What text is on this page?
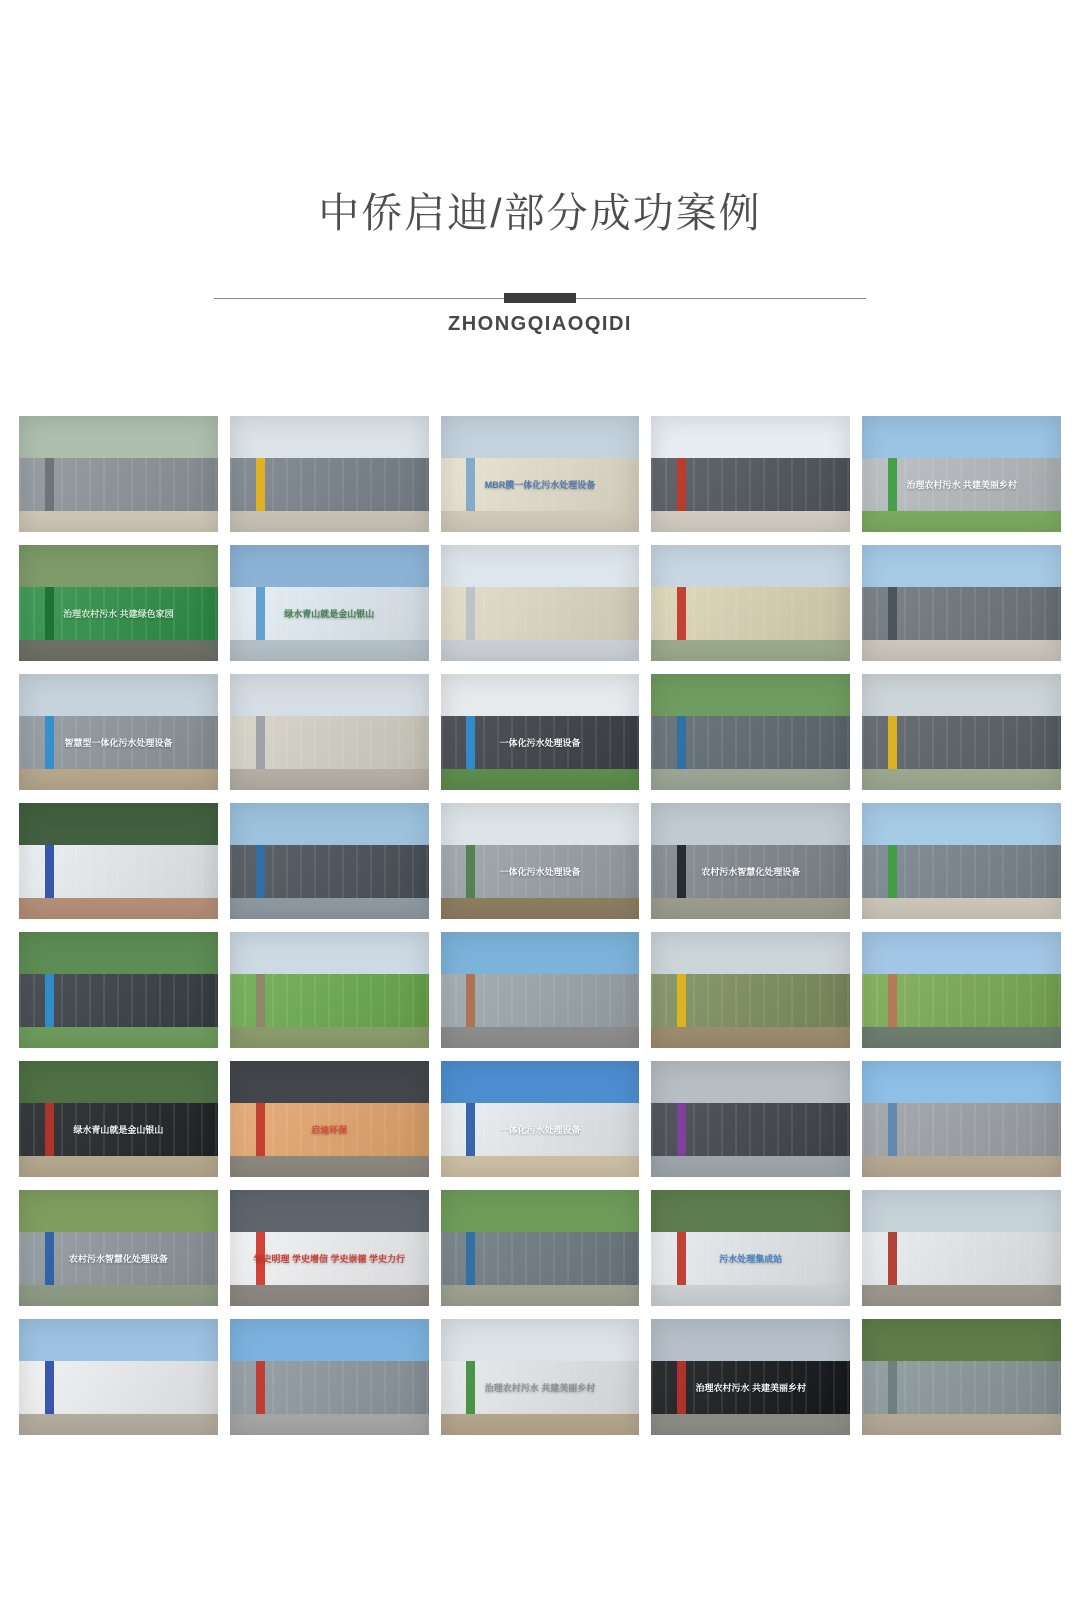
中侨启迪/部分成功案例
ZHONGQIAOQIDI
MBR膜一体化污水处理设备	治理农村污水 共建美丽乡村
治理农村污水 共建绿色家园	绿水青山就是金山银山
智慧型一体化污水处理设备	一体化污水处理设备
一体化污水处理设备	农村污水智慧化处理设备
绿水青山就是金山银山	启迪环保	一体化污水处理设备
农村污水智慧化处理设备	学史明理 学史增信 学史崇德 学史力行	污水处理集成站
治理农村污水 共建美丽乡村	治理农村污水 共建美丽乡村
